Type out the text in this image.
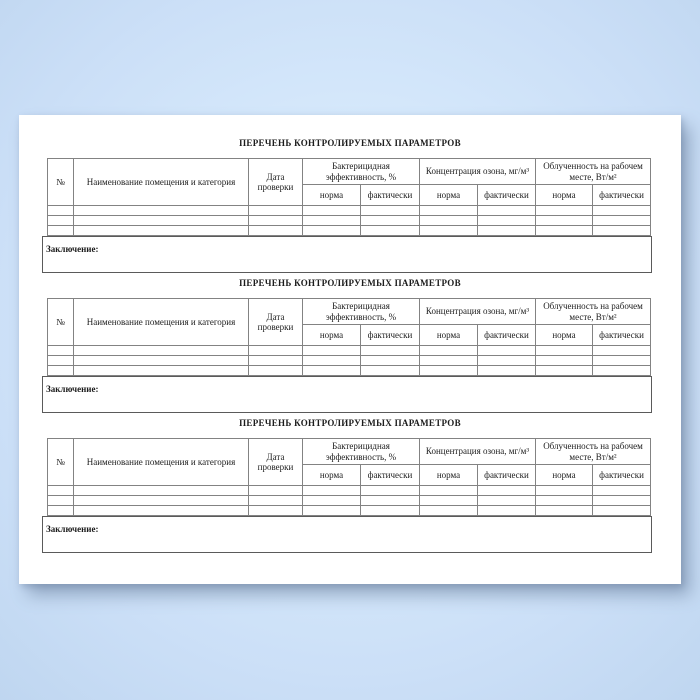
ПЕРЕЧЕНЬ КОНТРОЛИРУЕМЫХ ПАРАМЕТРОВ
№	Наименование помещения и категория	Дата проверки	Бактерицидная эффективность, %		Концентрация озона, мг/м³		Облученность на рабочем месте, Вт/м²	
			норма	фактически	норма	фактически	норма	фактически

Заключение:
ПЕРЕЧЕНЬ КОНТРОЛИРУЕМЫХ ПАРАМЕТРОВ
№	Наименование помещения и категория	Дата проверки	Бактерицидная эффективность, %		Концентрация озона, мг/м³		Облученность на рабочем месте, Вт/м²	
			норма	фактически	норма	фактически	норма	фактически

Заключение:
ПЕРЕЧЕНЬ КОНТРОЛИРУЕМЫХ ПАРАМЕТРОВ
№	Наименование помещения и категория	Дата проверки	Бактерицидная эффективность, %		Концентрация озона, мг/м³		Облученность на рабочем месте, Вт/м²	
			норма	фактически	норма	фактически	норма	фактически

Заключение:
